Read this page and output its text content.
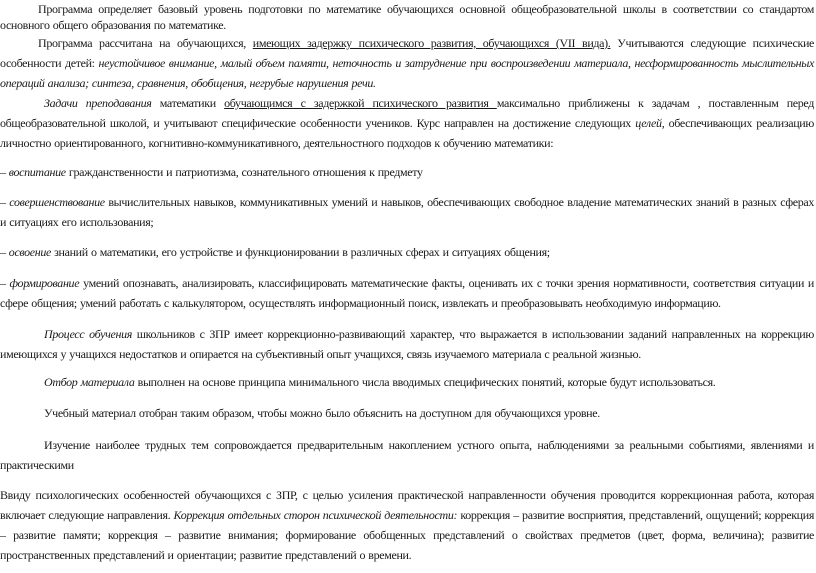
Программа определяет базовый уровень подготовки по математике обучающихся основной общеобразовательной школы в соответствии со стандартом основного общего образования по математике.

Программа рассчитана на обучающихся, имеющих задержку психического развития, обучающихся (VII вида). Учитываются следующие психические особенности детей: неустойчивое внимание, малый объем памяти, неточность и затруднение при воспроизведении материала, несформированность мыслительных операций анализа; синтеза, сравнения, обобщения, негрубые нарушения речи.

Задачи преподавания математики обучающимся с задержкой психического развития максимально приближены к задачам , поставленным перед общеобразовательной школой, и учитывают специфические особенности учеников. Курс направлен на достижение следующих целей, обеспечивающих реализацию личностно ориентированного, когнитивно-коммуникативного, деятельностного подходов к обучению математики:

– воспитание гражданственности и патриотизма, сознательного отношения к предмету

– совершенствование вычислительных навыков, коммуникативных умений и навыков, обеспечивающих свободное владение математических знаний в разных сферах и ситуациях его использования;

– освоение знаний о математики, его устройстве и функционировании в различных сферах и ситуациях общения;

– формирование умений опознавать, анализировать, классифицировать математические факты, оценивать их с точки зрения нормативности, соответствия ситуации и сфере общения; умений работать с калькулятором, осуществлять информационный поиск, извлекать и преобразовывать необходимую информацию.

Процесс обучения школьников с ЗПР имеет коррекционно-развивающий характер, что выражается в использовании заданий направленных на коррекцию имеющихся у учащихся недостатков и опирается на субъективный опыт учащихся, связь изучаемого материала с реальной жизнью.

Отбор материала выполнен на основе принципа минимального числа вводимых специфических понятий, которые будут использоваться.

Учебный материал отобран таким образом, чтобы можно было объяснить на доступном для обучающихся уровне.

Изучение наиболее трудных тем сопровождается предварительным накоплением устного опыта, наблюдениями за реальными событиями, явлениями и практическими

Ввиду психологических особенностей обучающихся с ЗПР, с целью усиления практической направленности обучения проводится коррекционная работа, которая включает следующие направления. Коррекция отдельных сторон психической деятельности: коррекция – развитие восприятия, представлений, ощущений; коррекция – развитие памяти; коррекция – развитие внимания; формирование обобщенных представлений о свойствах предметов (цвет, форма, величина); развитие пространственных представлений и ориентации; развитие представлений о времени.
